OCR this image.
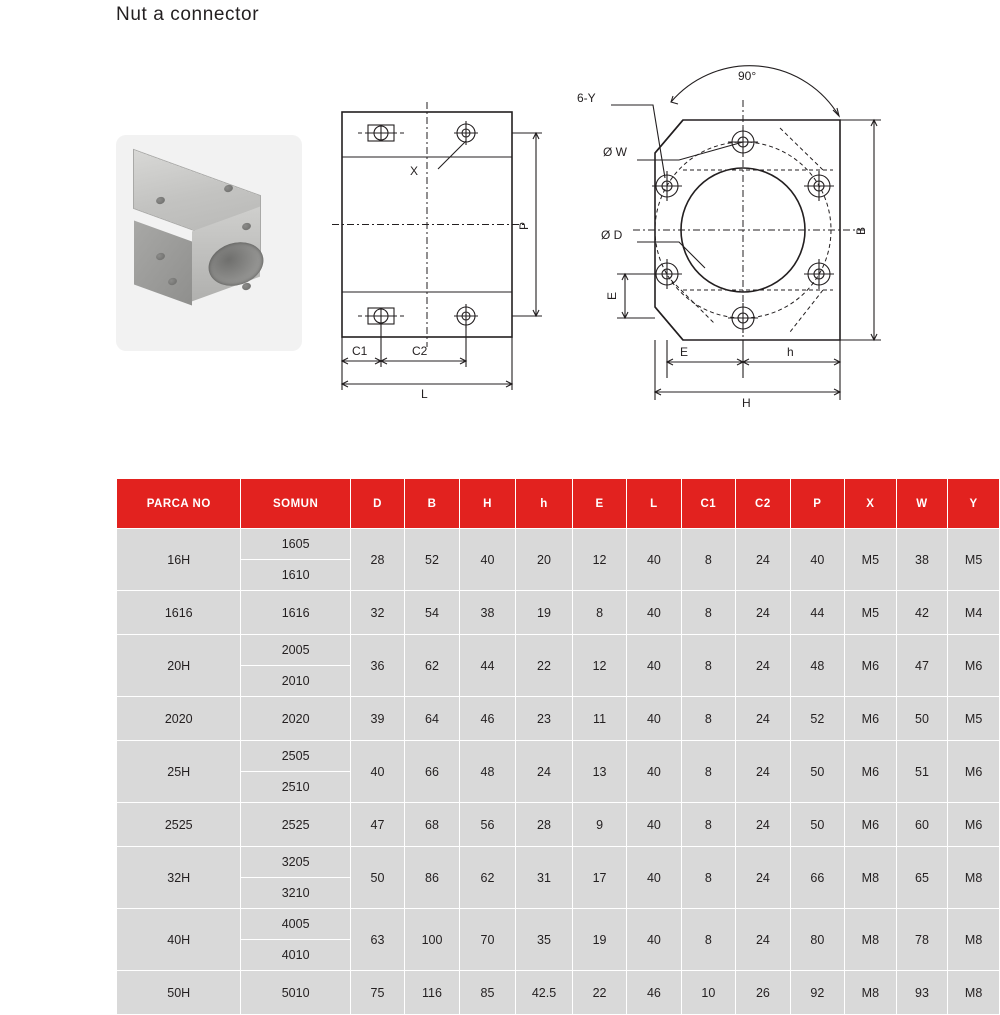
Nut a connector
X
P
C1	C2
L
90°
6-Y
Ø W
Ø D	B
E
E	h
H
PARCA NO	SOMUN	D	B	H	h	E	L	C1	C2	P	X	W	Y
16H	1605	28	52	40	20	12	40	8	24	40	M5	38	M5
	1610												
1616	1616	32	54	38	19	8	40	8	24	44	M5	42	M4
20H	2005	36	62	44	22	12	40	8	24	48	M6	47	M6
	2010												
2020	2020	39	64	46	23	11	40	8	24	52	M6	50	M5
25H	2505	40	66	48	24	13	40	8	24	50	M6	51	M6
	2510												
2525	2525	47	68	56	28	9	40	8	24	50	M6	60	M6
32H	3205	50	86	62	31	17	40	8	24	66	M8	65	M8
	3210												
40H	4005	63	100	70	35	19	40	8	24	80	M8	78	M8
	4010												
50H	5010	75	116	85	42.5	22	46	10	26	92	M8	93	M8
